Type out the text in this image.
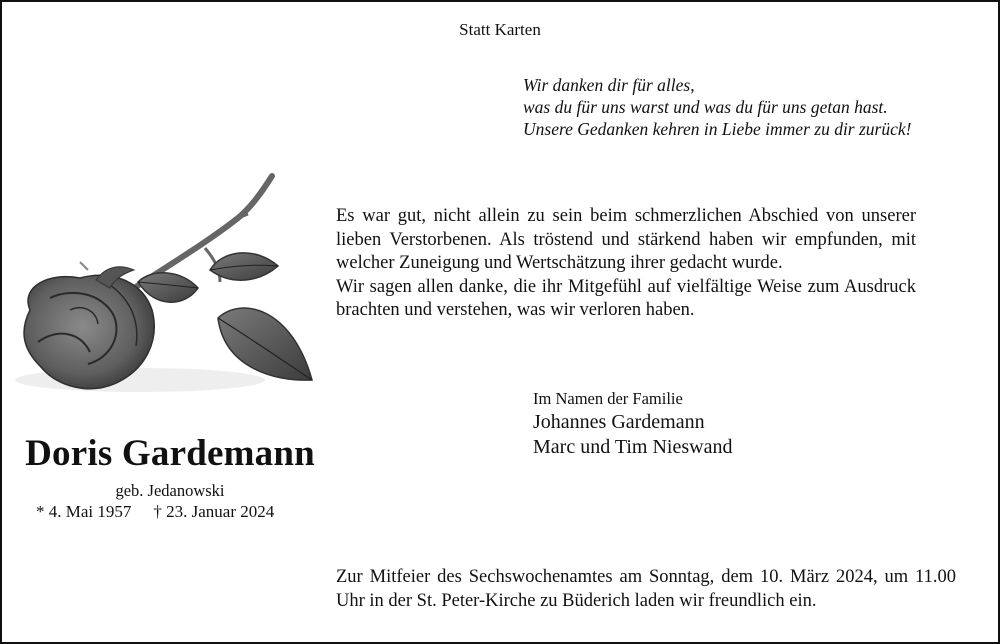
Statt Karten
Wir danken dir für alles,
was du für uns warst und was du für uns getan hast.
Unsere Gedanken kehren in Liebe immer zu dir zurück!

Es war gut, nicht allein zu sein beim schmerzlichen Abschied von unserer lieben Verstorbenen. Als tröstend und stärkend haben wir empfunden, mit welcher Zuneigung und Wertschätzung ihrer gedacht wurde.

Wir sagen allen danke, die ihr Mitgefühl auf vielfältige Weise zum Ausdruck brachten und verstehen, was wir verloren haben.

Im Namen der Familie
Johannes Gardemann
Marc und Tim Nieswand
Doris Gardemann
geb. Jedanowski
* 4. Mai 1957 † 23. Januar 2024

Zur Mitfeier des Sechswochenamtes am Sonntag, dem 10. März 2024, um 11.00 Uhr in der St. Peter-Kirche zu Büderich laden wir freundlich ein.
